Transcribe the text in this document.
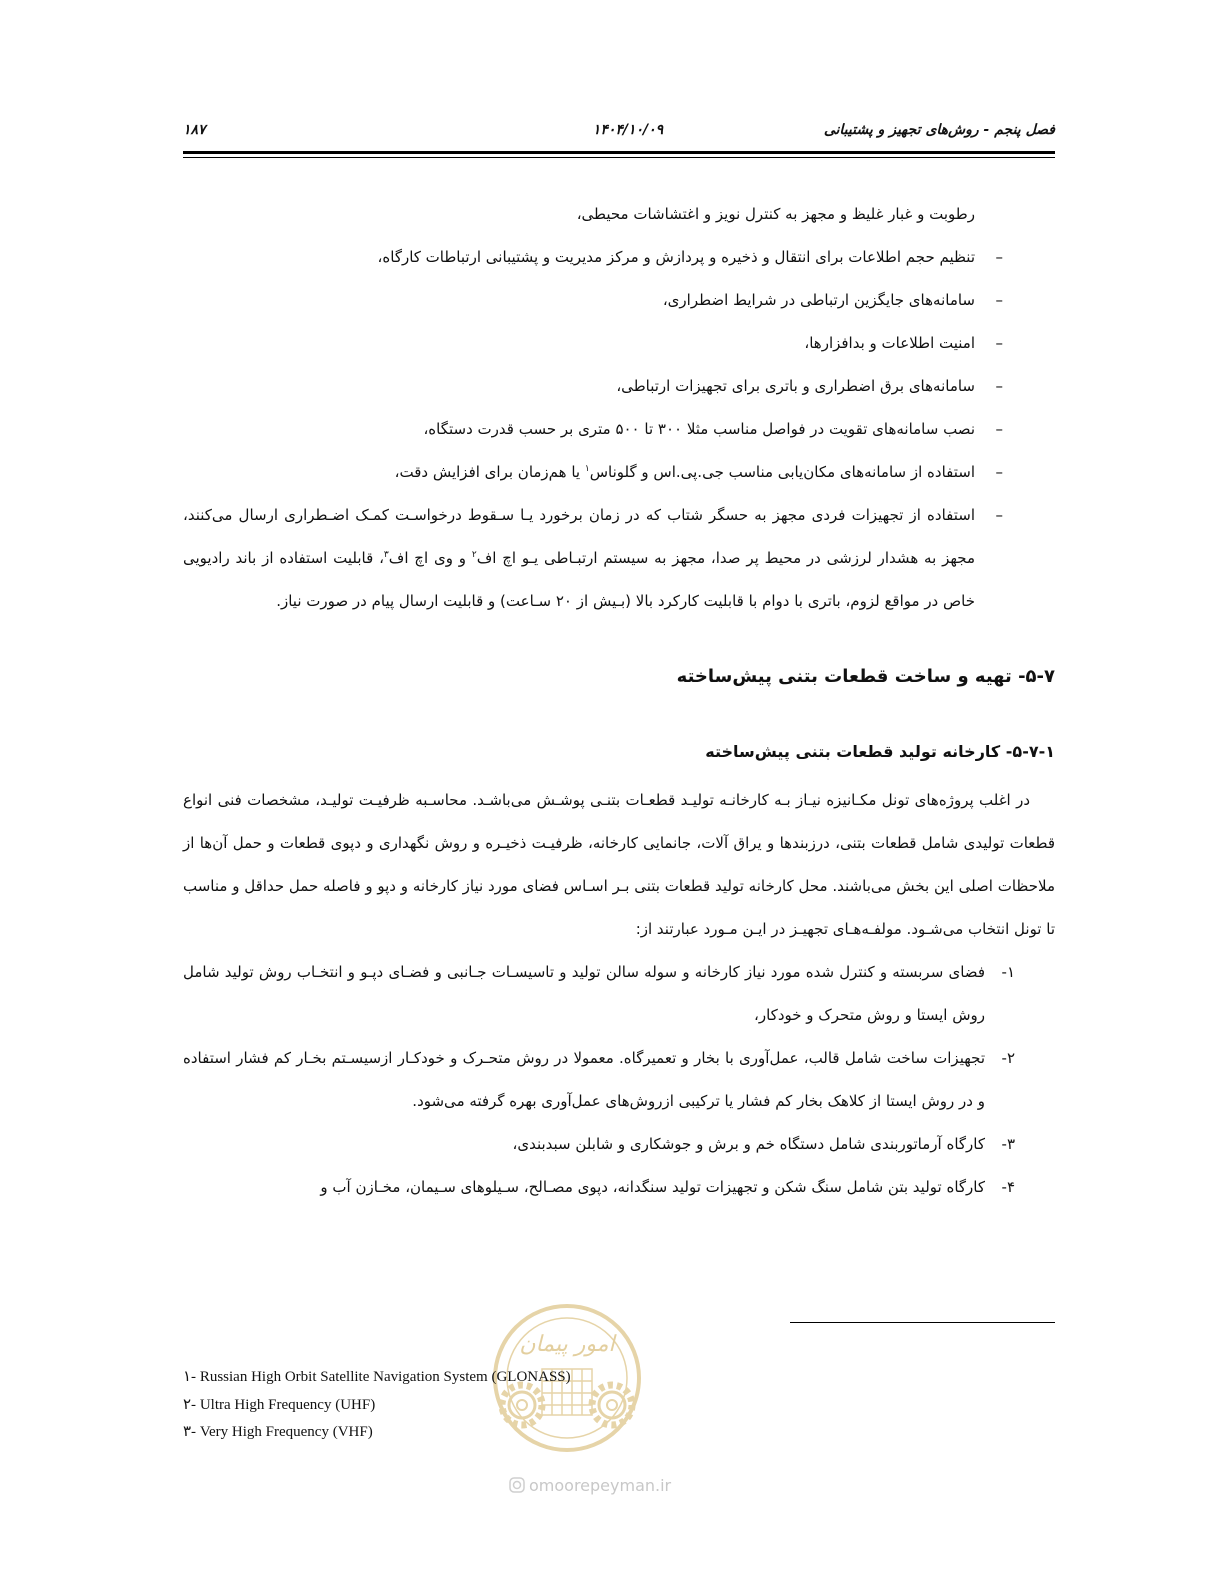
فصل پنجم - روش‌های تجهیز و پشتیبانی
۱۴۰۴/۱۰/۰۹
۱۸۷
رطوبت و غبار غلیظ و مجهز به کنترل نویز و اغتشاشات محیطی،
–
تنظیم حجم اطلاعات برای انتقال و ذخیره و پردازش و مرکز مدیریت و پشتیبانی ارتباطات کارگاه،
–
سامانه‌های جایگزین ارتباطی در شرایط اضطراری،
–
امنیت اطلاعات و بدافزارها،
–
سامانه‌های برق اضطراری و باتری برای تجهیزات ارتباطی،
–
نصب سامانه‌های تقویت در فواصل مناسب مثلا ۳۰۰ تا ۵۰۰ متری بر حسب قدرت دستگاه،
–
استفاده از سامانه‌های مکان‌یابی مناسب جی.پی.اس و گلوناس$^۱$ یا هم‌زمان برای افزایش دقت،
–
استفاده از تجهیزات فردی مجهز به حسگر شتاب که در زمان برخورد یـا سـقوط درخواسـت کمـک اضـطراری ارسال می‌کنند، مجهز به هشدار لرزشی در محیط پر صدا، مجهز به سیستم ارتبـاطی یـو اچ اف$^۲$ و وی اچ اف$^۳$، قابلیت استفاده از باند رادیویی خاص در مواقع لزوم، باتری با دوام با قابلیت کارکرد بالا (بـیش از ۲۰ سـاعت) و قابلیت ارسال پیام در صورت نیاز.
۵-۷- تهیه و ساخت قطعات بتنی پیش‌ساخته
۵-۷-۱- کارخانه تولید قطعات بتنی پیش‌ساخته
در اغلب پروژه‌های تونل مکـانیزه نیـاز بـه کارخانـه تولیـد قطعـات بتنـی پوشـش می‌باشـد. محاسـبه ظرفیـت تولیـد، مشخصات فنی انواع قطعات تولیدی شامل قطعات بتنی، درزبندها و یراق آلات، جانمایی کارخانه، ظرفیـت ذخیـره و روش نگهداری و دپوی قطعات و حمل آن‌ها از ملاحظات اصلی این بخش می‌باشند. محل کارخانه تولید قطعات بتنی بـر اسـاس فضای مورد نیاز کارخانه و دپو و فاصله حمل حداقل و مناسب تا تونل انتخاب می‌شـود. مولفـه‌هـای تجهیـز در ایـن مـورد عبارتند از:
۱-
فضای سربسته و کنترل شده مورد نیاز کارخانه و سوله سالن تولید و تاسیسـات جـانبی و فضـای دپـو و انتخـاب روش تولید شامل روش ایستا و روش متحرک و خودکار،
۲-
تجهیزات ساخت شامل قالب، عمل‌آوری با بخار و تعمیرگاه. معمولا در روش متحـرک و خودکـار ازسیسـتم بخـار کم فشار استفاده و در روش ایستا از کلاهک بخار کم فشار یا ترکیبی ازروش‌های عمل‌آوری بهره گرفته می‌شود.
۳-
کارگاه آرماتوربندی شامل دستگاه خم و برش و جوشکاری و شابلن سبدبندی،
۴-
کارگاه تولید بتن شامل سنگ شکن و تجهیزات تولید سنگدانه، دپوی مصـالح، سـیلوهای سـیمان، مخـازن آب و
۱- Russian High Orbit Satellite Navigation System (GLONASS)
۲- Ultra High Frequency (UHF)
۳- Very High Frequency (VHF)
امور پیمان
omoorepeyman.ir
